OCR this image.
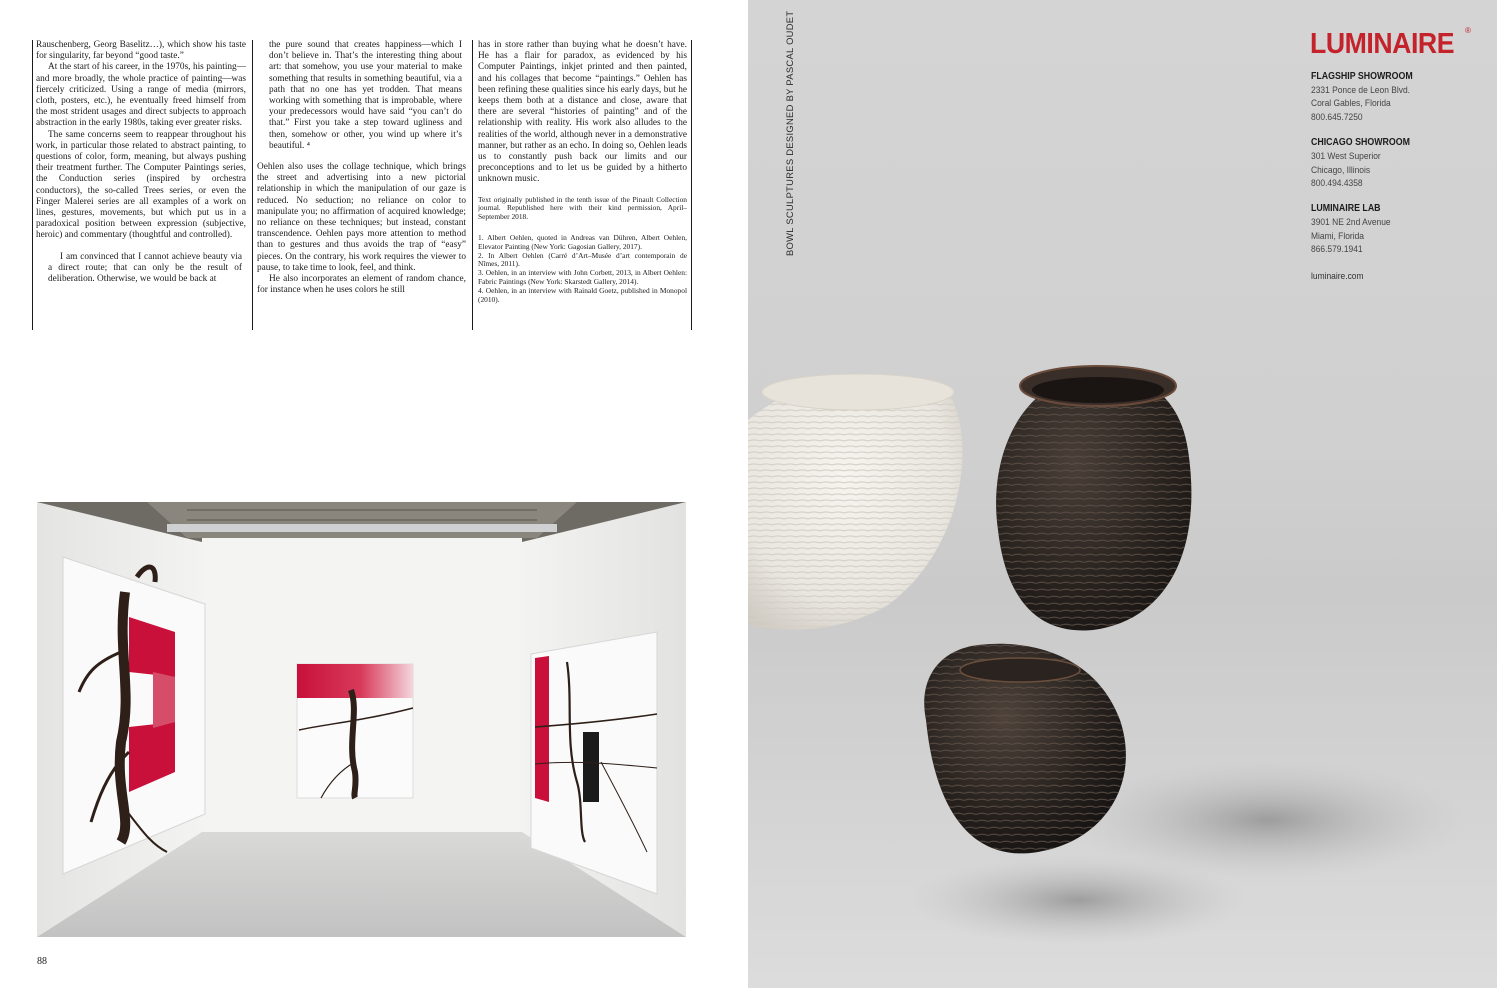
Rauschenberg, Georg Baselitz…), which show his taste for singularity, far beyond “good taste.”

At the start of his career, in the 1970s, his painting—and more broadly, the whole practice of painting—was fiercely criticized. Using a range of media (mirrors, cloth, posters, etc.), he eventually freed himself from the most strident usages and direct subjects to approach abstraction in the early 1980s, taking ever greater risks.

The same concerns seem to reappear throughout his work, in particular those related to abstract painting, to questions of color, form, meaning, but always pushing their treatment further. The Computer Paintings series, the Conduction series (inspired by orchestra conductors), the so-called Trees series, or even the Finger Malerei series are all examples of a work on lines, gestures, movements, but which put us in a paradoxical position between expression (subjective, heroic) and commentary (thoughtful and controlled).

I am convinced that I cannot achieve beauty via a direct route; that can only be the result of deliberation. Otherwise, we would be back at

the pure sound that creates happiness—which I don’t believe in. That’s the interesting thing about art: that somehow, you use your material to make something that results in something beautiful, via a path that no one has yet trodden. That means working with something that is improbable, where your predecessors would have said “you can’t do that.” First you take a step toward ugliness and then, somehow or other, you wind up where it’s beautiful. ⁴

Oehlen also uses the collage technique, which brings the street and advertising into a new pictorial relationship in which the manipulation of our gaze is reduced. No seduction; no reliance on color to manipulate you; no affirmation of acquired knowledge; no reliance on these techniques; but instead, constant transcendence. Oehlen pays more attention to method than to gestures and thus avoids the trap of “easy” pieces. On the contrary, his work requires the viewer to pause, to take time to look, feel, and think.

He also incorporates an element of random chance, for instance when he uses colors he still

has in store rather than buying what he doesn’t have. He has a flair for paradox, as evidenced by his Computer Paintings, inkjet printed and then painted, and his collages that become “paintings.” Oehlen has been refining these qualities since his early days, but he keeps them both at a distance and close, aware that there are several “histories of painting” and of the relationship with reality. His work also alludes to the realities of the world, although never in a demonstrative manner, but rather as an echo. In doing so, Oehlen leads us to constantly push back our limits and our preconceptions and to let us be guided by a hitherto unknown music.

Text originally published in the tenth issue of the Pinault Collection journal. Republished here with their kind permission, April–September 2018.

1. Albert Oehlen, quoted in Andreas van Dühren, Albert Oehlen, Elevator Painting (New York: Gagosian Gallery, 2017).

2. In Albert Oehlen (Carré d’Art–Musée d’art contemporain de Nîmes, 2011).

3. Oehlen, in an interview with John Corbett, 2013, in Albert Oehlen: Fabric Paintings (New York: Skarstedt Gallery, 2014).

4. Oehlen, in an interview with Rainald Goetz, published in Monopol (2010).

88
BOWL SCULPTURES DESIGNED BY PASCAL OUDET	LUMINAIRE ®
FLAGSHIP SHOWROOM
2331 Ponce de Leon Blvd.
Coral Gables, Florida
800.645.7250
CHICAGO SHOWROOM
301 West Superior
Chicago, Illinois
800.494.4358
LUMINAIRE LAB
3901 NE 2nd Avenue
Miami, Florida
866.579.1941
luminaire.com
